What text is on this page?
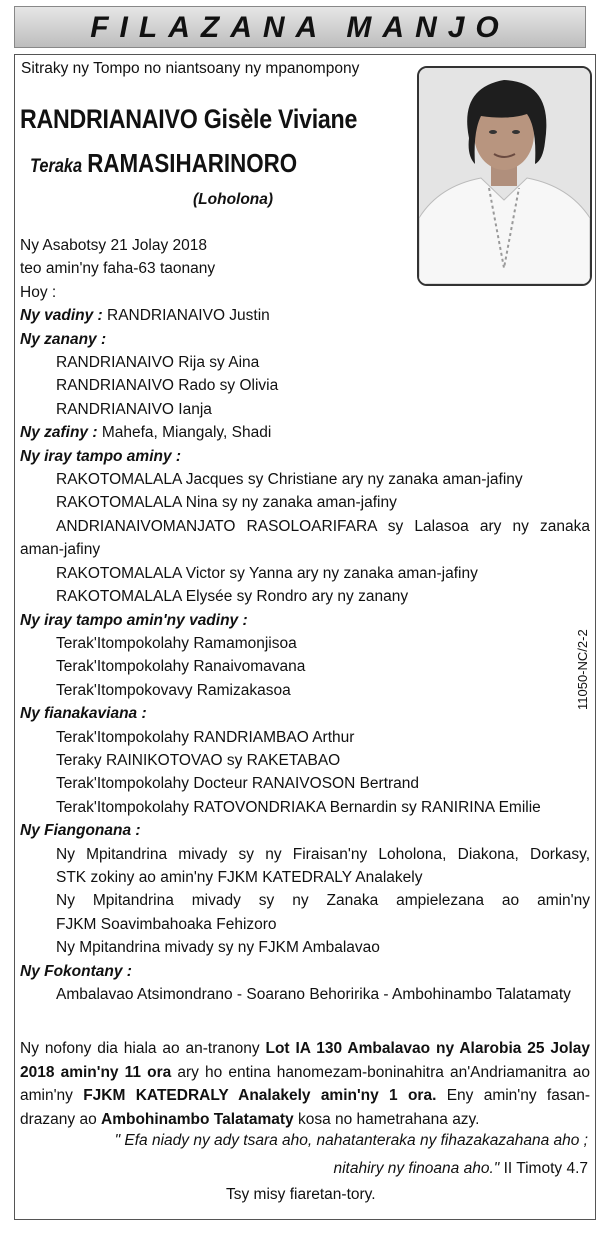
FILAZANA MANJO
Sitraky ny Tompo no niantsoany ny mpanompony
RANDRIANAIVO Gisèle Viviane
Teraka RAMASIHARINORO
(Loholona)
Ny Asabotsy 21 Jolay 2018
teo amin'ny faha-63 taonany
Hoy :
Ny vadiny : RANDRIANAIVO Justin
Ny zanany :
RANDRIANAIVO Rija sy Aina
RANDRIANAIVO Rado sy Olivia
RANDRIANAIVO Ianja
Ny zafiny : Mahefa, Miangaly, Shadi
Ny iray tampo aminy :
RAKOTOMALALA Jacques sy Christiane ary ny zanaka aman-jafiny
RAKOTOMALALA Nina sy ny zanaka aman-jafiny
ANDRIANAIVOMANJATO RASOLOARIFARA sy Lalasoa ary ny zanaka
aman-jafiny
RAKOTOMALALA Victor sy Yanna ary ny zanaka aman-jafiny
RAKOTOMALALA Elysée sy Rondro ary ny zanany
Ny iray tampo amin'ny vadiny :
Terak'Itompokolahy Ramamonjisoa
Terak'Itompokolahy Ranaivomavana
Terak'Itompokovavy Ramizakasoa
Ny fianakaviana :
Terak'Itompokolahy RANDRIAMBAO Arthur
Teraky RAINIKOTOVAO sy RAKETABAO
Terak'Itompokolahy Docteur RANAIVOSON Bertrand
Terak'Itompokolahy RATOVONDRIAKA Bernardin sy RANIRINA Emilie
Ny Fiangonana :
Ny Mpitandrina mivady sy ny Firaisan'ny Loholona, Diakona, Dorkasy,
STK zokiny ao amin'ny FJKM KATEDRALY Analakely
Ny Mpitandrina mivady sy ny Zanaka ampielezana ao amin'ny
FJKM Soavimbahoaka Fehizoro
Ny Mpitandrina mivady sy ny FJKM Ambalavao
Ny Fokontany :
Ambalavao Atsimondrano - Soarano Behoririka - Ambohinambo Talatamaty
11050-NC/2-2
Ny nofony dia hiala ao an-tranony Lot IA 130 Ambalavao ny Alarobia 25 Jolay
2018 amin'ny 11 ora ary ho entina hanomezam-boninahitra an'Andriamanitra ao
amin'ny FJKM KATEDRALY Analakely amin'ny 1 ora. Eny amin'ny fasan-
drazany ao Ambohinambo Talatamaty kosa no hametrahana azy.
" Efa niady ny ady tsara aho, nahatanteraka ny fihazakazahana aho ;
nitahiry ny finoana aho." II Timoty 4.7
Tsy misy fiaretan-tory.
